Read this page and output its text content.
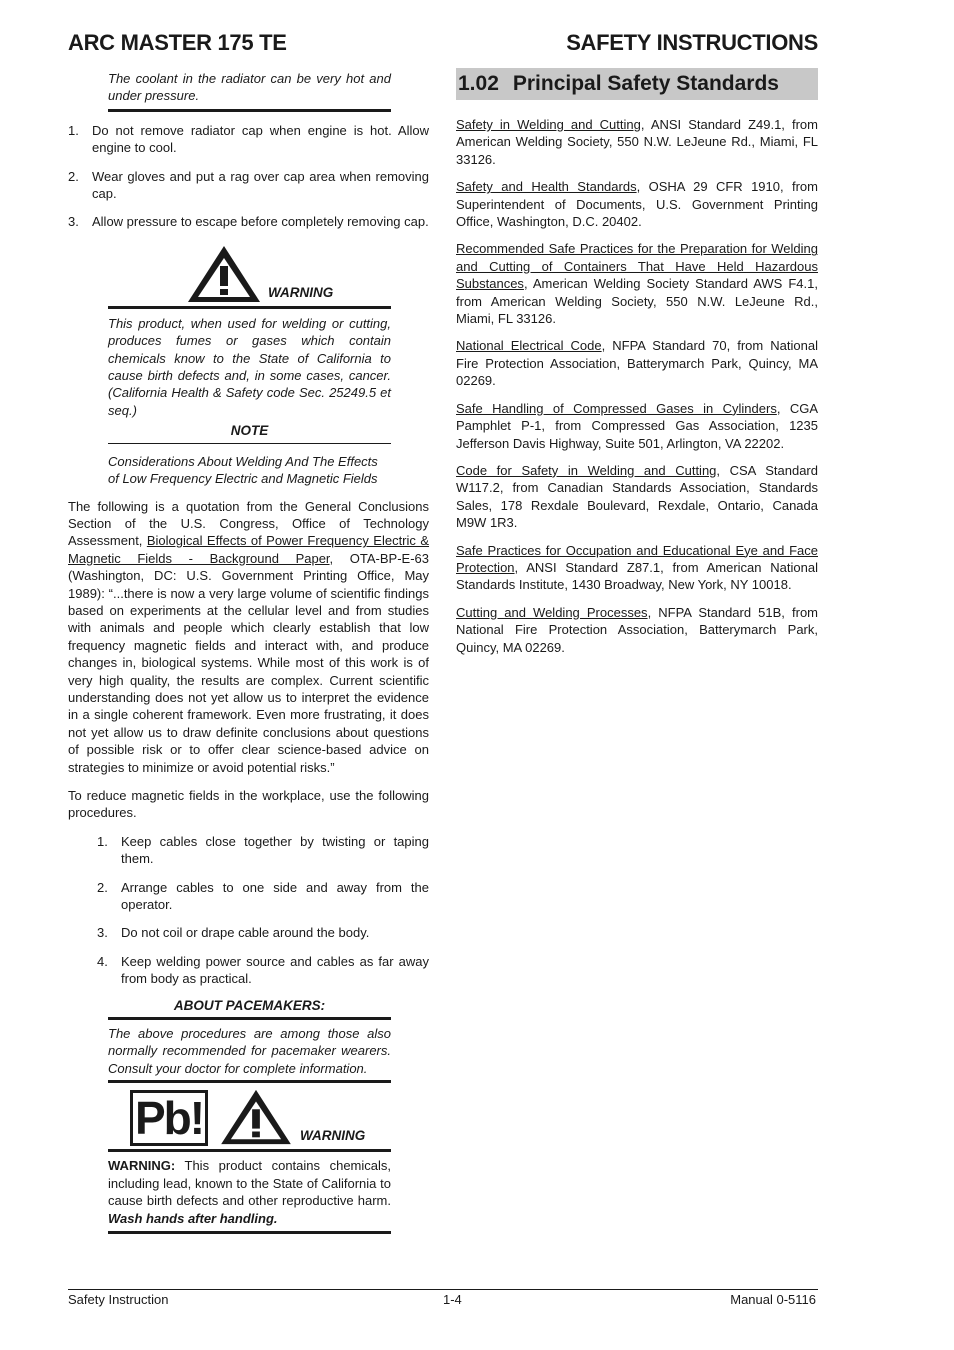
ARC MASTER 175 TE	SAFETY INSTRUCTIONS

The coolant in the radiator can be very hot and under pressure.

1.	Do not remove radiator cap when engine is hot. Allow engine to cool.
2.	Wear gloves and put a rag over cap area when removing cap.
3.	Allow pressure to escape before completely removing cap.
WARNING

This product, when used for welding or cutting, produces fumes or gases which contain chemicals know to the State of California to cause birth defects and, in some cases, cancer. (California Health & Safety code Sec. 25249.5 et seq.)

NOTE

Considerations About Welding And The Effects of Low Frequency Electric and Magnetic Fields

The following is a quotation from the General Conclusions Section of the U.S. Congress, Office of Technology Assessment, Biological Effects of Power Frequency Electric & Magnetic Fields - Background Paper, OTA-BP-E-63 (Washington, DC: U.S. Government Printing Office, May 1989): “...there is now a very large volume of scientific findings based on experiments at the cellular level and from studies with animals and people which clearly establish that low frequency magnetic fields and interact with, and produce changes in, biological systems. While most of this work is of very high quality, the results are complex. Current scientific understanding does not yet allow us to interpret the evidence in a single coherent framework. Even more frustrating, it does not yet allow us to draw definite conclusions about questions of possible risk or to offer clear science-based advice on strategies to minimize or avoid potential risks.”

To reduce magnetic fields in the workplace, use the following procedures.

1.	Keep cables close together by twisting or taping them.
2.	Arrange cables to one side and away from the operator.
3.	Do not coil or drape cable around the body.
4.	Keep welding power source and cables as far away from body as practical.
ABOUT PACEMAKERS:

The above procedures are among those also normally recommended for pacemaker wearers. Consult your doctor for complete information.

Pb!	WARNING

WARNING: This product contains chemicals, including lead, known to the State of California to cause birth defects and other reproductive harm. Wash hands after handling.

1.02 Principal Safety Standards

Safety in Welding and Cutting, ANSI Standard Z49.1, from American Welding Society, 550 N.W. LeJeune Rd., Miami, FL 33126.

Safety and Health Standards, OSHA 29 CFR 1910, from Superintendent of Documents, U.S. Government Printing Office, Washington, D.C. 20402.

Recommended Safe Practices for the Preparation for Welding and Cutting of Containers That Have Held Hazardous Substances, American Welding Society Standard AWS F4.1, from American Welding Society, 550 N.W. LeJeune Rd., Miami, FL 33126.

National Electrical Code, NFPA Standard 70, from National Fire Protection Association, Batterymarch Park, Quincy, MA 02269.

Safe Handling of Compressed Gases in Cylinders, CGA Pamphlet P-1, from Compressed Gas Association, 1235 Jefferson Davis Highway, Suite 501, Arlington, VA 22202.

Code for Safety in Welding and Cutting, CSA Standard W117.2, from Canadian Standards Association, Standards Sales, 178 Rexdale Boulevard, Rexdale, Ontario, Canada M9W 1R3.

Safe Practices for Occupation and Educational Eye and Face Protection, ANSI Standard Z87.1, from American National Standards Institute, 1430 Broadway, New York, NY 10018.

Cutting and Welding Processes, NFPA Standard 51B, from National Fire Protection Association, Batterymarch Park, Quincy, MA 02269.

Safety Instruction	1-4	Manual 0-5116
